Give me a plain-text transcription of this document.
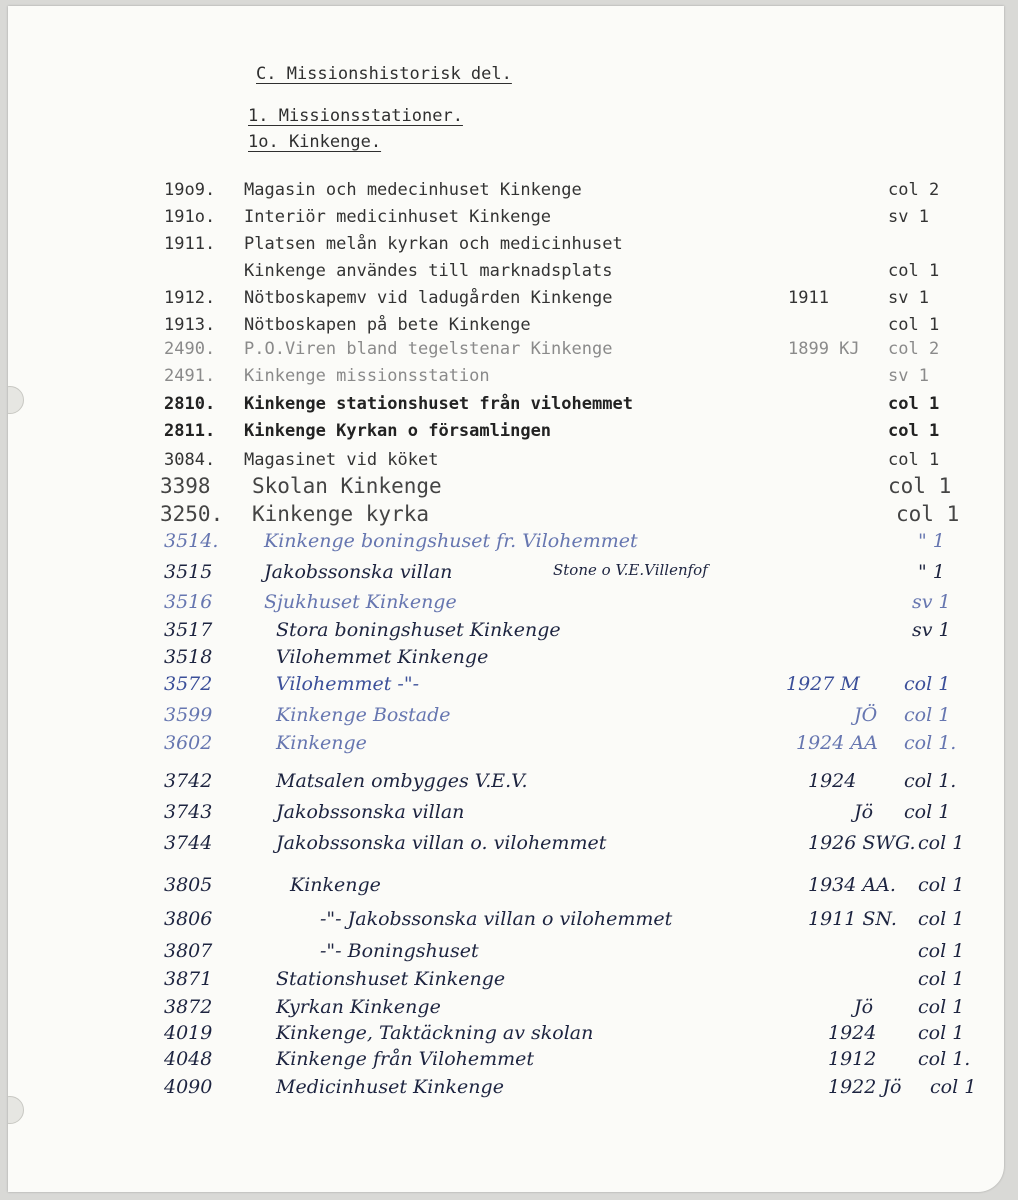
C. Missionshistorisk del.
1. Missionsstationer.
1o. Kinkenge.
19o9. Magasin och medecinhuset Kinkenge	col 2
191o. Interiör medicinhuset Kinkenge	sv 1
1911. Platsen melån kyrkan och medicinhuset
Kinkenge användes till marknadsplats	col 1
1912. Nötboskapemv vid ladugården Kinkenge	1911	sv 1
1913. Nötboskapen på bete Kinkenge	col 1
2490. P.O.Viren bland tegelstenar Kinkenge	1899 KJ col 2
2491. Kinkenge missionsstation	sv 1
2810. Kinkenge stationshuset från vilohemmet	col 1
2811. Kinkenge Kyrkan o församlingen	col 1
3084. Magasinet vid köket	col 1
3398 Skolan Kinkenge	col 1
3250. Kinkenge kyrka	col 1
3514. Kinkenge boningshuset fr. Vilohemmet	" 1
3515	Jakobssonska villan	Stone o V.E.Villenfof	" 1
3516	Sjukhuset Kinkenge	sv 1
3517	Stora boningshuset Kinkenge	sv 1
3518	Vilohemmet Kinkenge
3572	Vilohemmet -"-	1927 M col 1
3599	Kinkenge Bostade	JÖ col 1
3602	Kinkenge	1924 AA col 1.
3742	Matsalen ombygges V.E.V.	1924	col 1.
3743	Jakobssonska villan	Jö col 1
3744	Jakobssonska villan o. vilohemmet	1926 SWG. col 1
3805	Kinkenge	1934 AA. col 1
3806	-"- Jakobssonska villan o vilohemmet	1911 SN. col 1
3807	-"- Boningshuset	col 1
3871	Stationshuset Kinkenge	col 1
3872	Kyrkan Kinkenge	Jö col 1
4019	Kinkenge, Taktäckning av skolan	1924 col 1
4048	Kinkenge från Vilohemmet	1912 col 1.
4090	Medicinhuset Kinkenge	1922 Jö col 1
